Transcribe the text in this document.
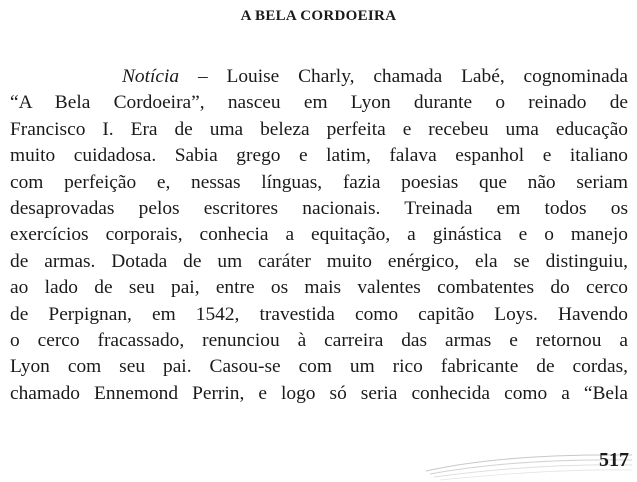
A BELA CORDOEIRA
Notícia – Louise Charly, chamada Labé, cognominada
“A Bela Cordoeira”, nasceu em Lyon durante o reinado de
Francisco I. Era de uma beleza perfeita e recebeu uma educação
muito cuidadosa. Sabia grego e latim, falava espanhol e italiano
com perfeição e, nessas línguas, fazia poesias que não seriam
desaprovadas pelos escritores nacionais. Treinada em todos os
exercícios corporais, conhecia a equitação, a ginástica e o manejo
de armas. Dotada de um caráter muito enérgico, ela se distinguiu,
ao lado de seu pai, entre os mais valentes combatentes do cerco
de Perpignan, em 1542, travestida como capitão Loys. Havendo
o cerco fracassado, renunciou à carreira das armas e retornou a
Lyon com seu pai. Casou-se com um rico fabricante de cordas,
chamado Ennemond Perrin, e logo só seria conhecida como a “Bela
517
